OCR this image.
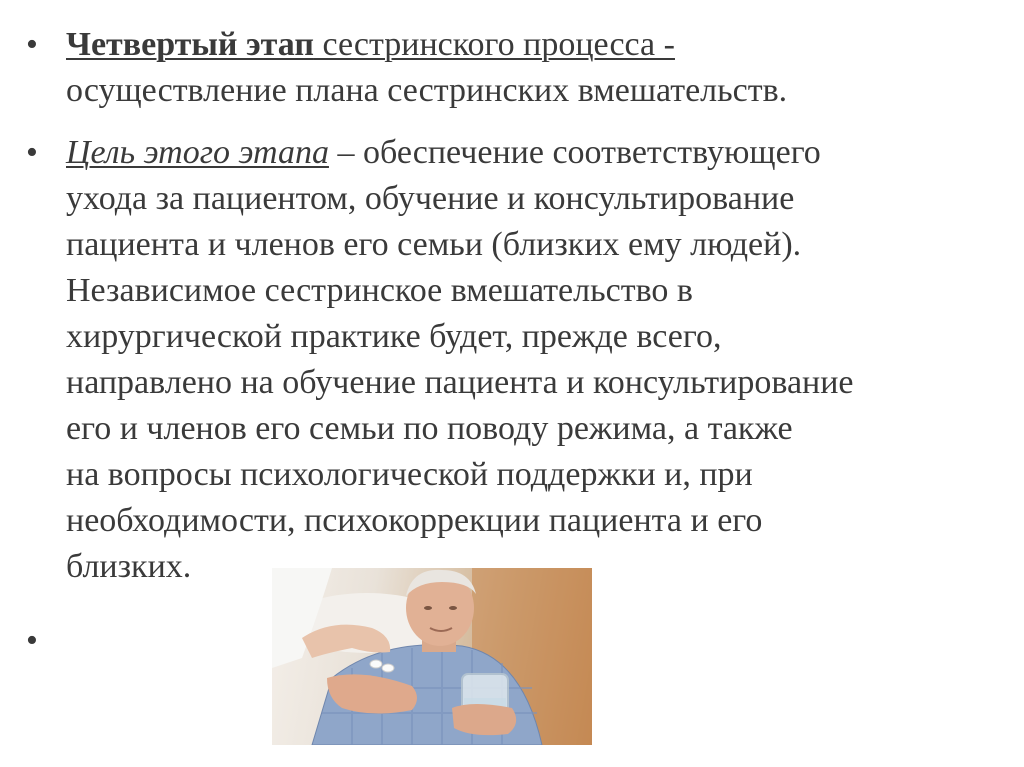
• Четвертый этап сестринского процесса -
осуществление плана сестринских вмешательств.
• Цель этого этапа – обеспечение соответствующего
ухода за пациентом, обучение и консультирование
пациента и членов его семьи (близких ему людей).
Независимое сестринское вмешательство в
хирургической практике будет, прежде всего,
направлено на обучение пациента и консультирование
его и членов его семьи по поводу режима, а также
на вопросы психологической поддержки и, при
необходимости, психокоррекции пациента и его
близких.
•
